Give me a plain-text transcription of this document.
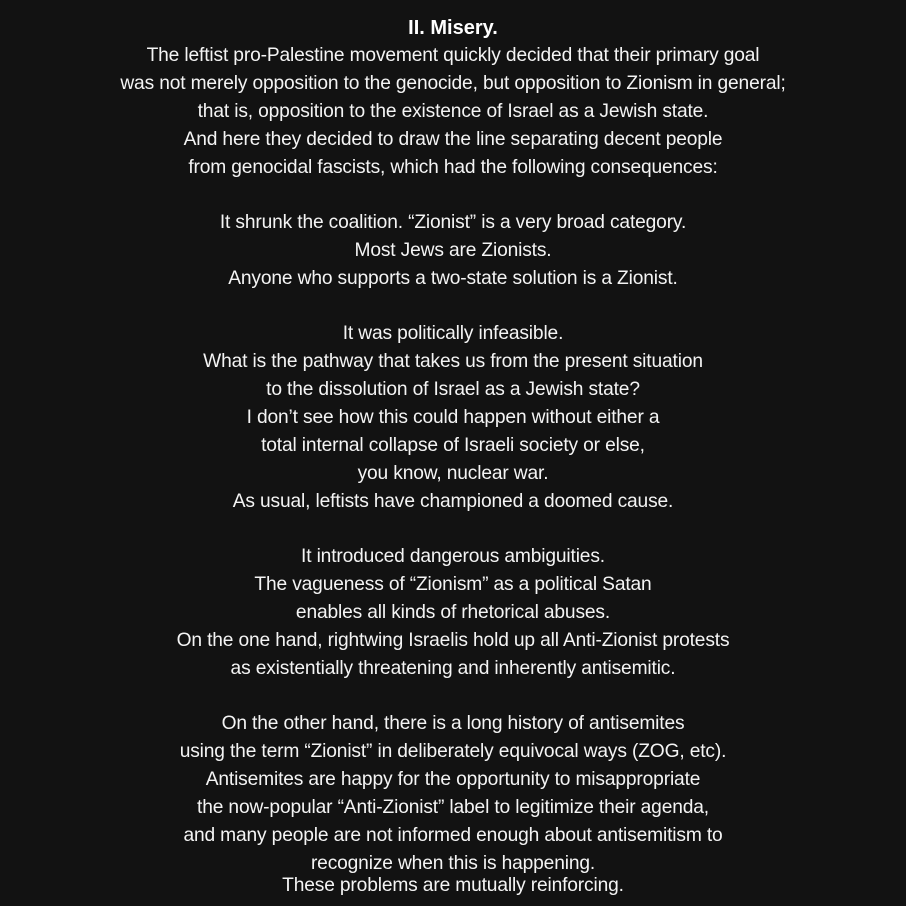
II. Misery.

The leftist pro-Palestine movement quickly decided that their primary goal

was not merely opposition to the genocide, but opposition to Zionism in general;

that is, opposition to the existence of Israel as a Jewish state.

And here they decided to draw the line separating decent people

from genocidal fascists, which had the following consequences:

It shrunk the coalition. “Zionist” is a very broad category.

Most Jews are Zionists.

Anyone who supports a two-state solution is a Zionist.

It was politically infeasible.

What is the pathway that takes us from the present situation

to the dissolution of Israel as a Jewish state?

I don’t see how this could happen without either a

total internal collapse of Israeli society or else,

you know, nuclear war.

As usual, leftists have championed a doomed cause.

It introduced dangerous ambiguities.

The vagueness of “Zionism” as a political Satan

enables all kinds of rhetorical abuses.

On the one hand, rightwing Israelis hold up all Anti-Zionist protests

as existentially threatening and inherently antisemitic.

On the other hand, there is a long history of antisemites

using the term “Zionist” in deliberately equivocal ways (ZOG, etc).

Antisemites are happy for the opportunity to misappropriate

the now-popular “Anti-Zionist” label to legitimize their agenda,

and many people are not informed enough about antisemitism to

recognize when this is happening.

These problems are mutually reinforcing.
